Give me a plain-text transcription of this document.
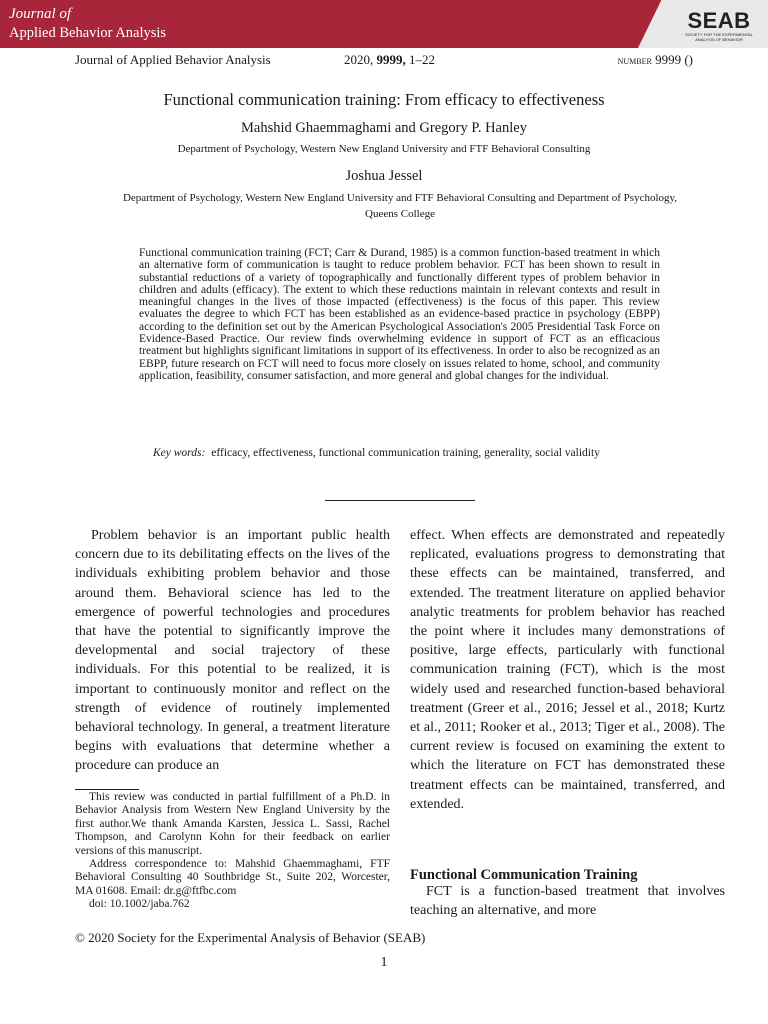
Journal of
Applied Behavior Analysis	SEAB
SOCIETY FOR THE EXPERIMENTAL ANALYSIS OF BEHAVIOR
Journal of Applied Behavior Analysis	2020, 9999, 1–22	number 9999 ()
Functional communication training: From efficacy to effectiveness
Mahshid Ghaemmaghami and Gregory P. Hanley
Department of Psychology, Western New England University and FTF Behavioral Consulting
Joshua Jessel
Department of Psychology, Western New England University and FTF Behavioral Consulting and Department of Psychology, Queens College

Functional communication training (FCT; Carr & Durand, 1985) is a common function-based treatment in which an alternative form of communication is taught to reduce problem behavior. FCT has been shown to result in substantial reductions of a variety of topographically and functionally different types of problem behavior in children and adults (efficacy). The extent to which these reductions maintain in relevant contexts and result in meaningful changes in the lives of those impacted (effectiveness) is the focus of this paper. This review evaluates the degree to which FCT has been established as an evidence-based practice in psychology (EBPP) according to the definition set out by the American Psychological Association's 2005 Presidential Task Force on Evidence-Based Practice. Our review finds overwhelming evidence in support of FCT as an efficacious treatment but highlights significant limitations in support of its effectiveness. In order to also be recognized as an EBPP, future research on FCT will need to focus more closely on issues related to home, school, and community application, feasibility, consumer satisfaction, and more general and global changes for the individual.

Key words: efficacy, effectiveness, functional communication training, generality, social validity

Problem behavior is an important public health concern due to its debilitating effects on the lives of the individuals exhibiting problem behavior and those around them. Behavioral science has led to the emergence of powerful technologies and procedures that have the potential to significantly improve the developmental and social trajectory of these individuals. For this potential to be realized, it is important to continuously monitor and reflect on the strength of evidence of routinely implemented behavioral technology. In general, a treatment literature begins with evaluations that determine whether a procedure can produce an

effect. When effects are demonstrated and repeatedly replicated, evaluations progress to demonstrating that these effects can be maintained, transferred, and extended. The treatment literature on applied behavior analytic treatments for problem behavior has reached the point where it includes many demonstrations of positive, large effects, particularly with functional communication training (FCT), which is the most widely used and researched function-based behavioral treatment (Greer et al., 2016; Jessel et al., 2018; Kurtz et al., 2011; Rooker et al., 2013; Tiger et al., 2008). The current review is focused on examining the extent to which the literature on FCT has demonstrated these treatment effects can be maintained, transferred, and extended.

This review was conducted in partial fulfillment of a Ph.D. in Behavior Analysis from Western New England University by the first author.We thank Amanda Karsten, Jessica L. Sassi, Rachel Thompson, and Carolynn Kohn for their feedback on earlier versions of this manuscript.

Address correspondence to: Mahshid Ghaemmaghami, FTF Behavioral Consulting 40 Southbridge St., Suite 202, Worcester, MA 01608. Email: dr.g@ftfbc.com

doi: 10.1002/jaba.762

Functional Communication Training

FCT is a function-based treatment that involves teaching an alternative, and more

© 2020 Society for the Experimental Analysis of Behavior (SEAB)
1
